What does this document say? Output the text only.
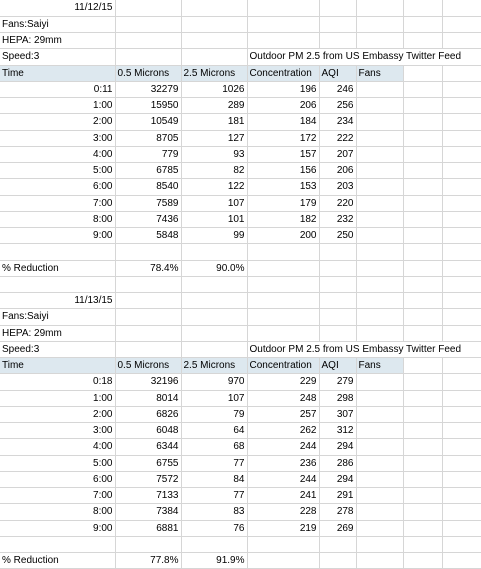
11/12/15							
Fans:Saiyi							
HEPA: 29mm							
Speed:3			Outdoor PM 2.5 from US Embassy Twitter Feed				
Time	0.5 Microns	2.5 Microns	Concentration	AQI	Fans		
0:11	32279	1026	196	246			
1:00	15950	289	206	256			
2:00	10549	181	184	234			
3:00	8705	127	172	222			
4:00	779	93	157	207			
5:00	6785	82	156	206			
6:00	8540	122	153	203			
7:00	7589	107	179	220			
8:00	7436	101	182	232			
9:00	5848	99	200	250			

% Reduction	78.4%	90.0%					

11/13/15							
Fans:Saiyi							
HEPA: 29mm							
Speed:3			Outdoor PM 2.5 from US Embassy Twitter Feed				
Time	0.5 Microns	2.5 Microns	Concentration	AQI	Fans		
0:18	32196	970	229	279			
1:00	8014	107	248	298			
2:00	6826	79	257	307			
3:00	6048	64	262	312			
4:00	6344	68	244	294			
5:00	6755	77	236	286			
6:00	7572	84	244	294			
7:00	7133	77	241	291			
8:00	7384	83	228	278			
9:00	6881	76	219	269			

% Reduction	77.8%	91.9%					
